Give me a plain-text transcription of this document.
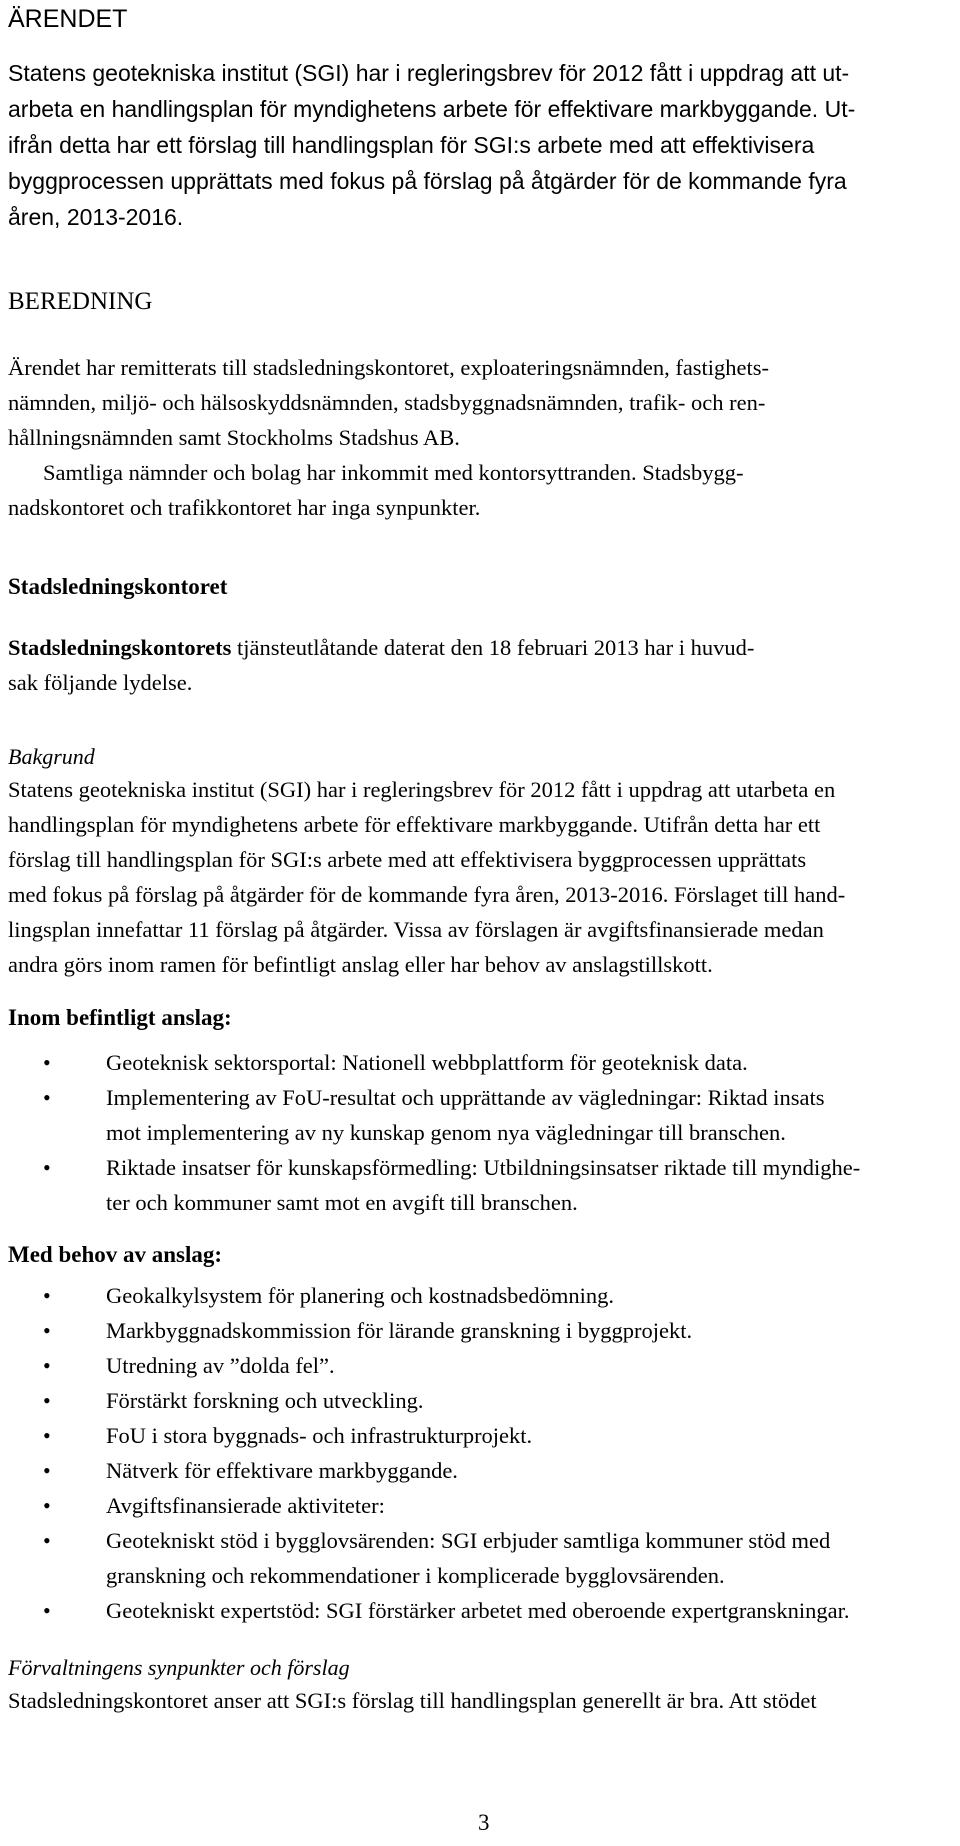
ÄRENDET
Statens geotekniska institut (SGI) har i regleringsbrev för 2012 fått i uppdrag att ut-
arbeta en handlingsplan för myndighetens arbete för effektivare markbyggande. Ut-
ifrån detta har ett förslag till handlingsplan för SGI:s arbete med att effektivisera
byggprocessen upprättats med fokus på förslag på åtgärder för de kommande fyra
åren, 2013-2016.
BEREDNING
Ärendet har remitterats till stadsledningskontoret, exploateringsnämnden, fastighets-
nämnden, miljö- och hälsoskyddsnämnden, stadsbyggnadsnämnden, trafik- och ren-
hållningsnämnden samt Stockholms Stadshus AB.
Samtliga nämnder och bolag har inkommit med kontorsyttranden. Stadsbygg-
nadskontoret och trafikkontoret har inga synpunkter.
Stadsledningskontoret
Stadsledningskontorets tjänsteutlåtande daterat den 18 februari 2013 har i huvud-
sak följande lydelse.
Bakgrund
Statens geotekniska institut (SGI) har i regleringsbrev för 2012 fått i uppdrag att utarbeta en
handlingsplan för myndighetens arbete för effektivare markbyggande. Utifrån detta har ett
förslag till handlingsplan för SGI:s arbete med att effektivisera byggprocessen upprättats
med fokus på förslag på åtgärder för de kommande fyra åren, 2013-2016. Förslaget till hand-
lingsplan innefattar 11 förslag på åtgärder. Vissa av förslagen är avgiftsfinansierade medan
andra görs inom ramen för befintligt anslag eller har behov av anslagstillskott.
Inom befintligt anslag:
• Geoteknisk sektorsportal: Nationell webbplattform för geoteknisk data.
• Implementering av FoU-resultat och upprättande av vägledningar: Riktad insats
mot implementering av ny kunskap genom nya vägledningar till branschen.
• Riktade insatser för kunskapsförmedling: Utbildningsinsatser riktade till myndighe-
ter och kommuner samt mot en avgift till branschen.
Med behov av anslag:
• Geokalkylsystem för planering och kostnadsbedömning.
• Markbyggnadskommission för lärande granskning i byggprojekt.
• Utredning av ”dolda fel”.
• Förstärkt forskning och utveckling.
• FoU i stora byggnads- och infrastrukturprojekt.
• Nätverk för effektivare markbyggande.
• Avgiftsfinansierade aktiviteter:
• Geotekniskt stöd i bygglovsärenden: SGI erbjuder samtliga kommuner stöd med
granskning och rekommendationer i komplicerade bygglovsärenden.
• Geotekniskt expertstöd: SGI förstärker arbetet med oberoende expertgranskningar.
Förvaltningens synpunkter och förslag
Stadsledningskontoret anser att SGI:s förslag till handlingsplan generellt är bra. Att stödet
3
